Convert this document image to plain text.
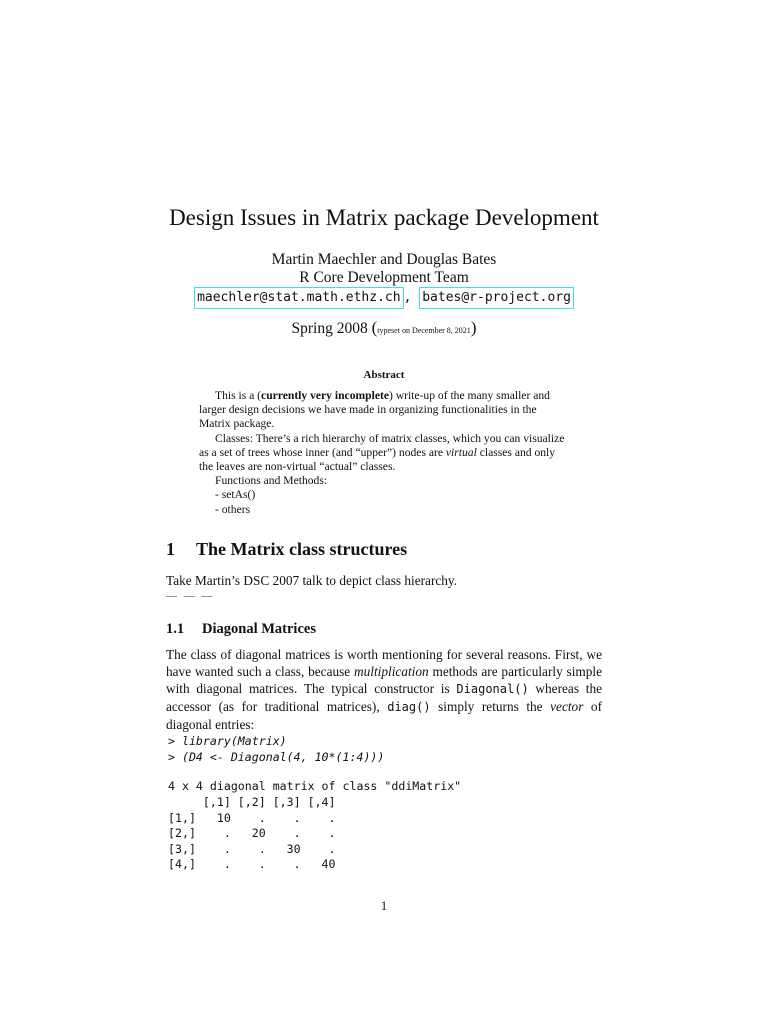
Design Issues in Matrix package Development
Martin Maechler and Douglas Bates
R Core Development Team
maechler@stat.math.ethz.ch , bates@r-project.org
Spring 2008 (typeset on December 8, 2021)
Abstract

This is a (currently very incomplete) write-up of the many smaller and larger design decisions we have made in organizing functionalities in the Matrix package.

Classes: There’s a rich hierarchy of matrix classes, which you can visualize as a set of trees whose inner (and “upper”) nodes are virtual classes and only the leaves are non-virtual “actual” classes.

Functions and Methods:

- setAs()

- others

1 The Matrix class structures
Take Martin’s DSC 2007 talk to depict class hierarchy.
— — —
1.1 Diagonal Matrices

The class of diagonal matrices is worth mentioning for several reasons. First, we have wanted such a class, because multiplication methods are particularly simple with diagonal matrices. The typical constructor is Diagonal() whereas the accessor (as for traditional matrices), diag() simply returns the vector of diagonal entries:

> library(Matrix)
> (D4 <- Diagonal(4, 10*(1:4)))
4 x 4 diagonal matrix of class "ddiMatrix"
[,1] [,2] [,3] [,4]
[1,]   10    .    .    .
[2,]    .   20    .    .
[3,]    .    .   30    .
[4,]    .    .    .   40
1
